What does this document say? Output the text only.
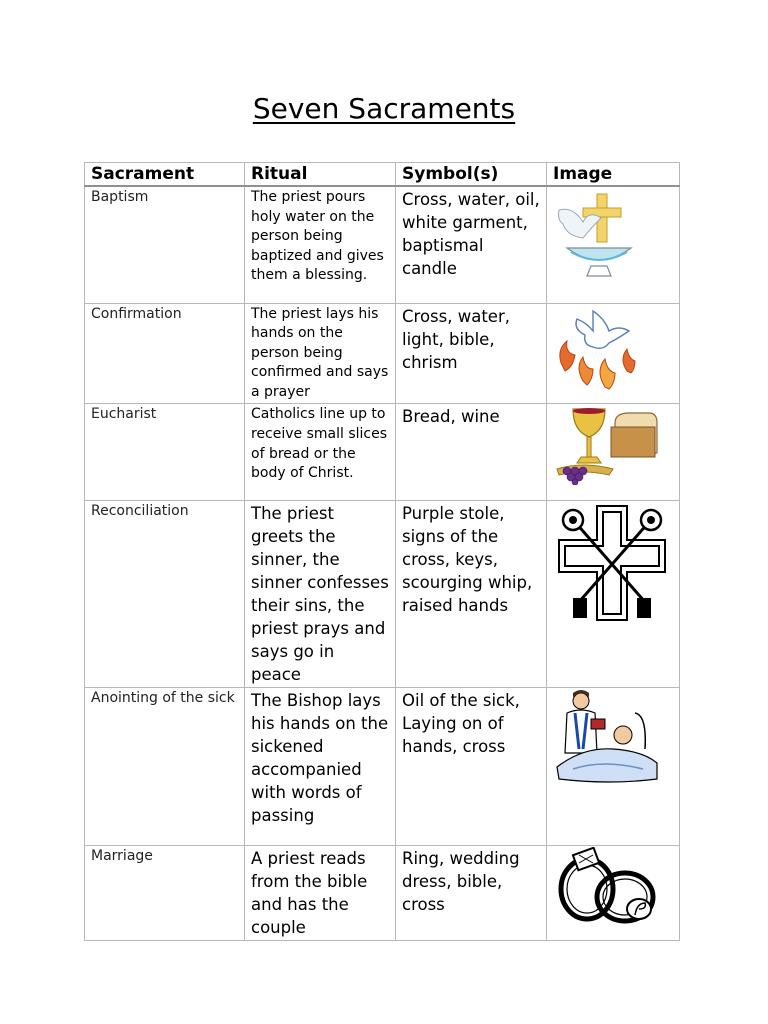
Seven Sacraments
Sacrament	Ritual	Symbol(s)	Image
Baptism	The priest pours holy water on the person being baptized and gives them a blessing.	Cross, water, oil, white garment, baptismal candle	

Confirmation	The priest lays his hands on the person being confirmed and says a prayer	Cross, water, light, bible, chrism	

Eucharist	Catholics line up to receive small slices of bread or the body of Christ.	Bread, wine	

Reconciliation	The priest greets the sinner, the sinner confesses their sins, the priest prays and says go in peace	Purple stole, signs of the cross, keys, scourging whip, raised hands	

Anointing of the sick	The Bishop lays his hands on the sickened accompanied with words of passing	Oil of the sick, Laying on of hands, cross	

Marriage	A priest reads from the bible and has the couple	Ring, wedding dress, bible, cross	
